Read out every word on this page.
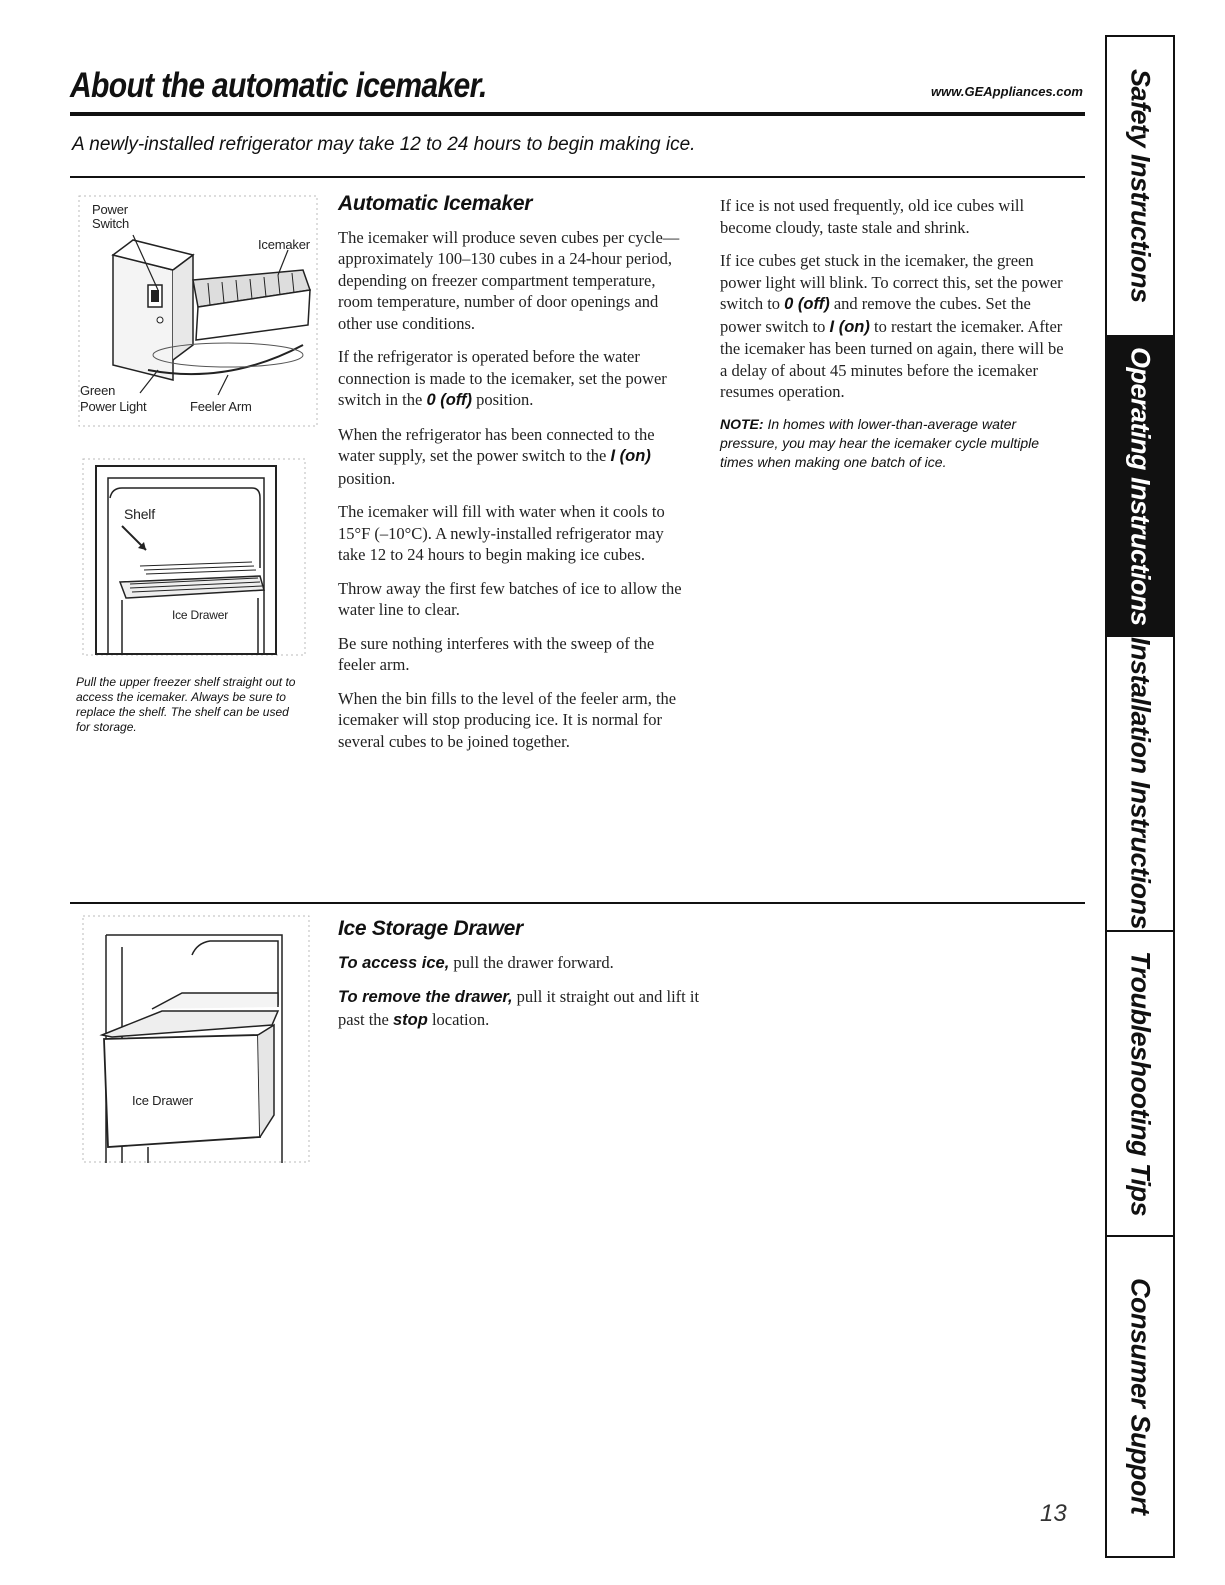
About the automatic icemaker.	www.GEAppliances.com
A newly-installed refrigerator may take 12 to 24 hours to begin making ice.
Power
Switch
Icemaker
Green
Power Light	Feeler Arm
Shelf
Ice Drawer
Pull the upper freezer shelf straight out to access the icemaker. Always be sure to replace the shelf. The shelf can be used for storage.
Automatic Icemaker

The icemaker will produce seven cubes per cycle—approximately 100–130 cubes in a 24-hour period, depending on freezer compartment temperature, room temperature, number of door openings and other use conditions.

If the refrigerator is operated before the water connection is made to the icemaker, set the power switch in the 0 (off) position.

When the refrigerator has been connected to the water supply, set the power switch to the I (on) position.

The icemaker will fill with water when it cools to 15°F (–10°C). A newly-installed refrigerator may take 12 to 24 hours to begin making ice cubes.

Throw away the first few batches of ice to allow the water line to clear.

Be sure nothing interferes with the sweep of the feeler arm.

When the bin fills to the level of the feeler arm, the icemaker will stop producing ice. It is normal for several cubes to be joined together.

If ice is not used frequently, old ice cubes will become cloudy, taste stale and shrink.

If ice cubes get stuck in the icemaker, the green power light will blink. To correct this, set the power switch to 0 (off) and remove the cubes. Set the power switch to I (on) to restart the icemaker. After the icemaker has been turned on again, there will be a delay of about 45 minutes before the icemaker resumes operation.

NOTE: In homes with lower-than-average water pressure, you may hear the icemaker cycle multiple times when making one batch of ice.

Ice Drawer
Ice Storage Drawer

To access ice, pull the drawer forward.

To remove the drawer, pull it straight out and lift it past the stop location.

Safety Instructions
Operating Instructions
Installation Instructions
Troubleshooting Tips
Consumer Support
13
